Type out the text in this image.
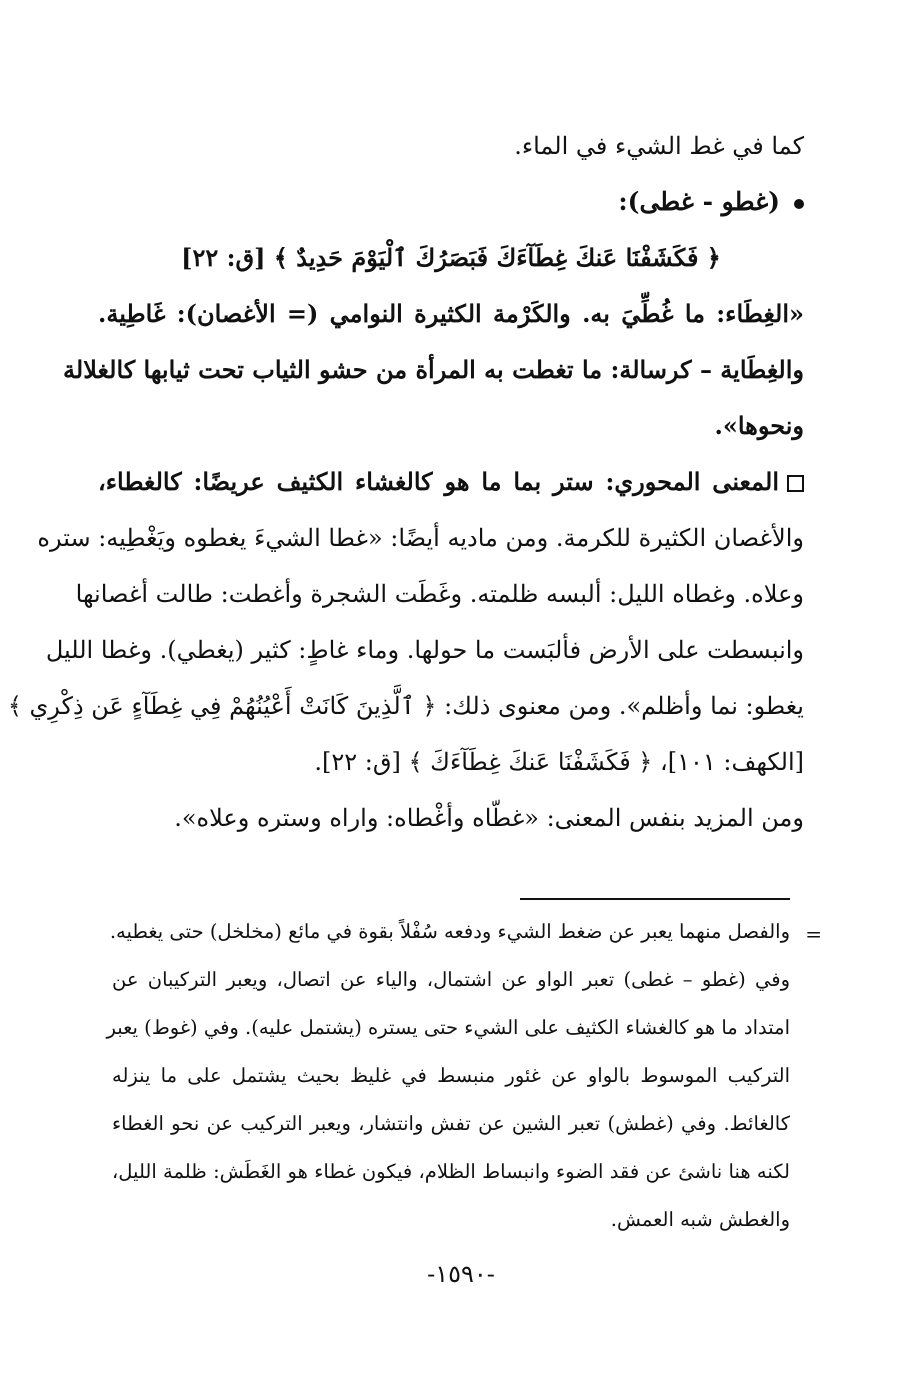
كما في غط الشيء في الماء.

(غطو - غطى):

﴿ فَكَشَفْنَا عَنكَ غِطَآءَكَ فَبَصَرُكَ ٱلْيَوْمَ حَدِيدٌ ﴾ [ق: ٢٢]

«الغِطَاء: ما غُطِّيَ به. والكَرْمة الكثيرة النوامي (= الأغصان): غَاطِية.

والغِطَاية – كرسالة: ما تغطت به المرأة من حشو الثياب تحت ثيابها كالغلالة

ونحوها».

المعنى المحوري: ستر بما ما هو كالغشاء الكثيف عريضًا: كالغطاء،

والأغصان الكثيرة للكرمة. ومن ماديه أيضًا: «غطا الشيءَ يغطوه ويَغْطِيه: ستره

وعلاه. وغطاه الليل: ألبسه ظلمته. وغَطَت الشجرة وأغطت: طالت أغصانها

وانبسطت على الأرض فألبَست ما حولها. وماء غاطٍ: كثير (يغطي). وغطا الليل

يغطو: نما وأظلم». ومن معنوى ذلك: ﴿ ٱلَّذِينَ كَانَتْ أَعْيُنُهُمْ فِي غِطَآءٍ عَن ذِكْرِي ﴾

[الكهف: ١٠١]، ﴿ فَكَشَفْنَا عَنكَ غِطَآءَكَ ﴾ [ق: ٢٢].

ومن المزيد بنفس المعنى: «غطّاه وأغْطاه: واراه وستره وعلاه».

=

والفصل منهما يعبر عن ضغط الشيء ودفعه سُفْلاً بقوة في مائع (مخلخل) حتى يغطيه.

وفي (غطو – غطى) تعبر الواو عن اشتمال، والياء عن اتصال، ويعبر التركيبان عن

امتداد ما هو كالغشاء الكثيف على الشيء حتى يستره (يشتمل عليه). وفي (غوط) يعبر

التركيب الموسوط بالواو عن غئور منبسط في غليظ بحيث يشتمل على ما ينزله

كالغائط. وفي (غطش) تعبر الشين عن تفش وانتشار، ويعبر التركيب عن نحو الغطاء

لكنه هنا ناشئ عن فقد الضوء وانبساط الظلام، فيكون غطاء هو الغَطَش: ظلمة الليل،

والغطش شبه العمش.

-١٥٩٠-
